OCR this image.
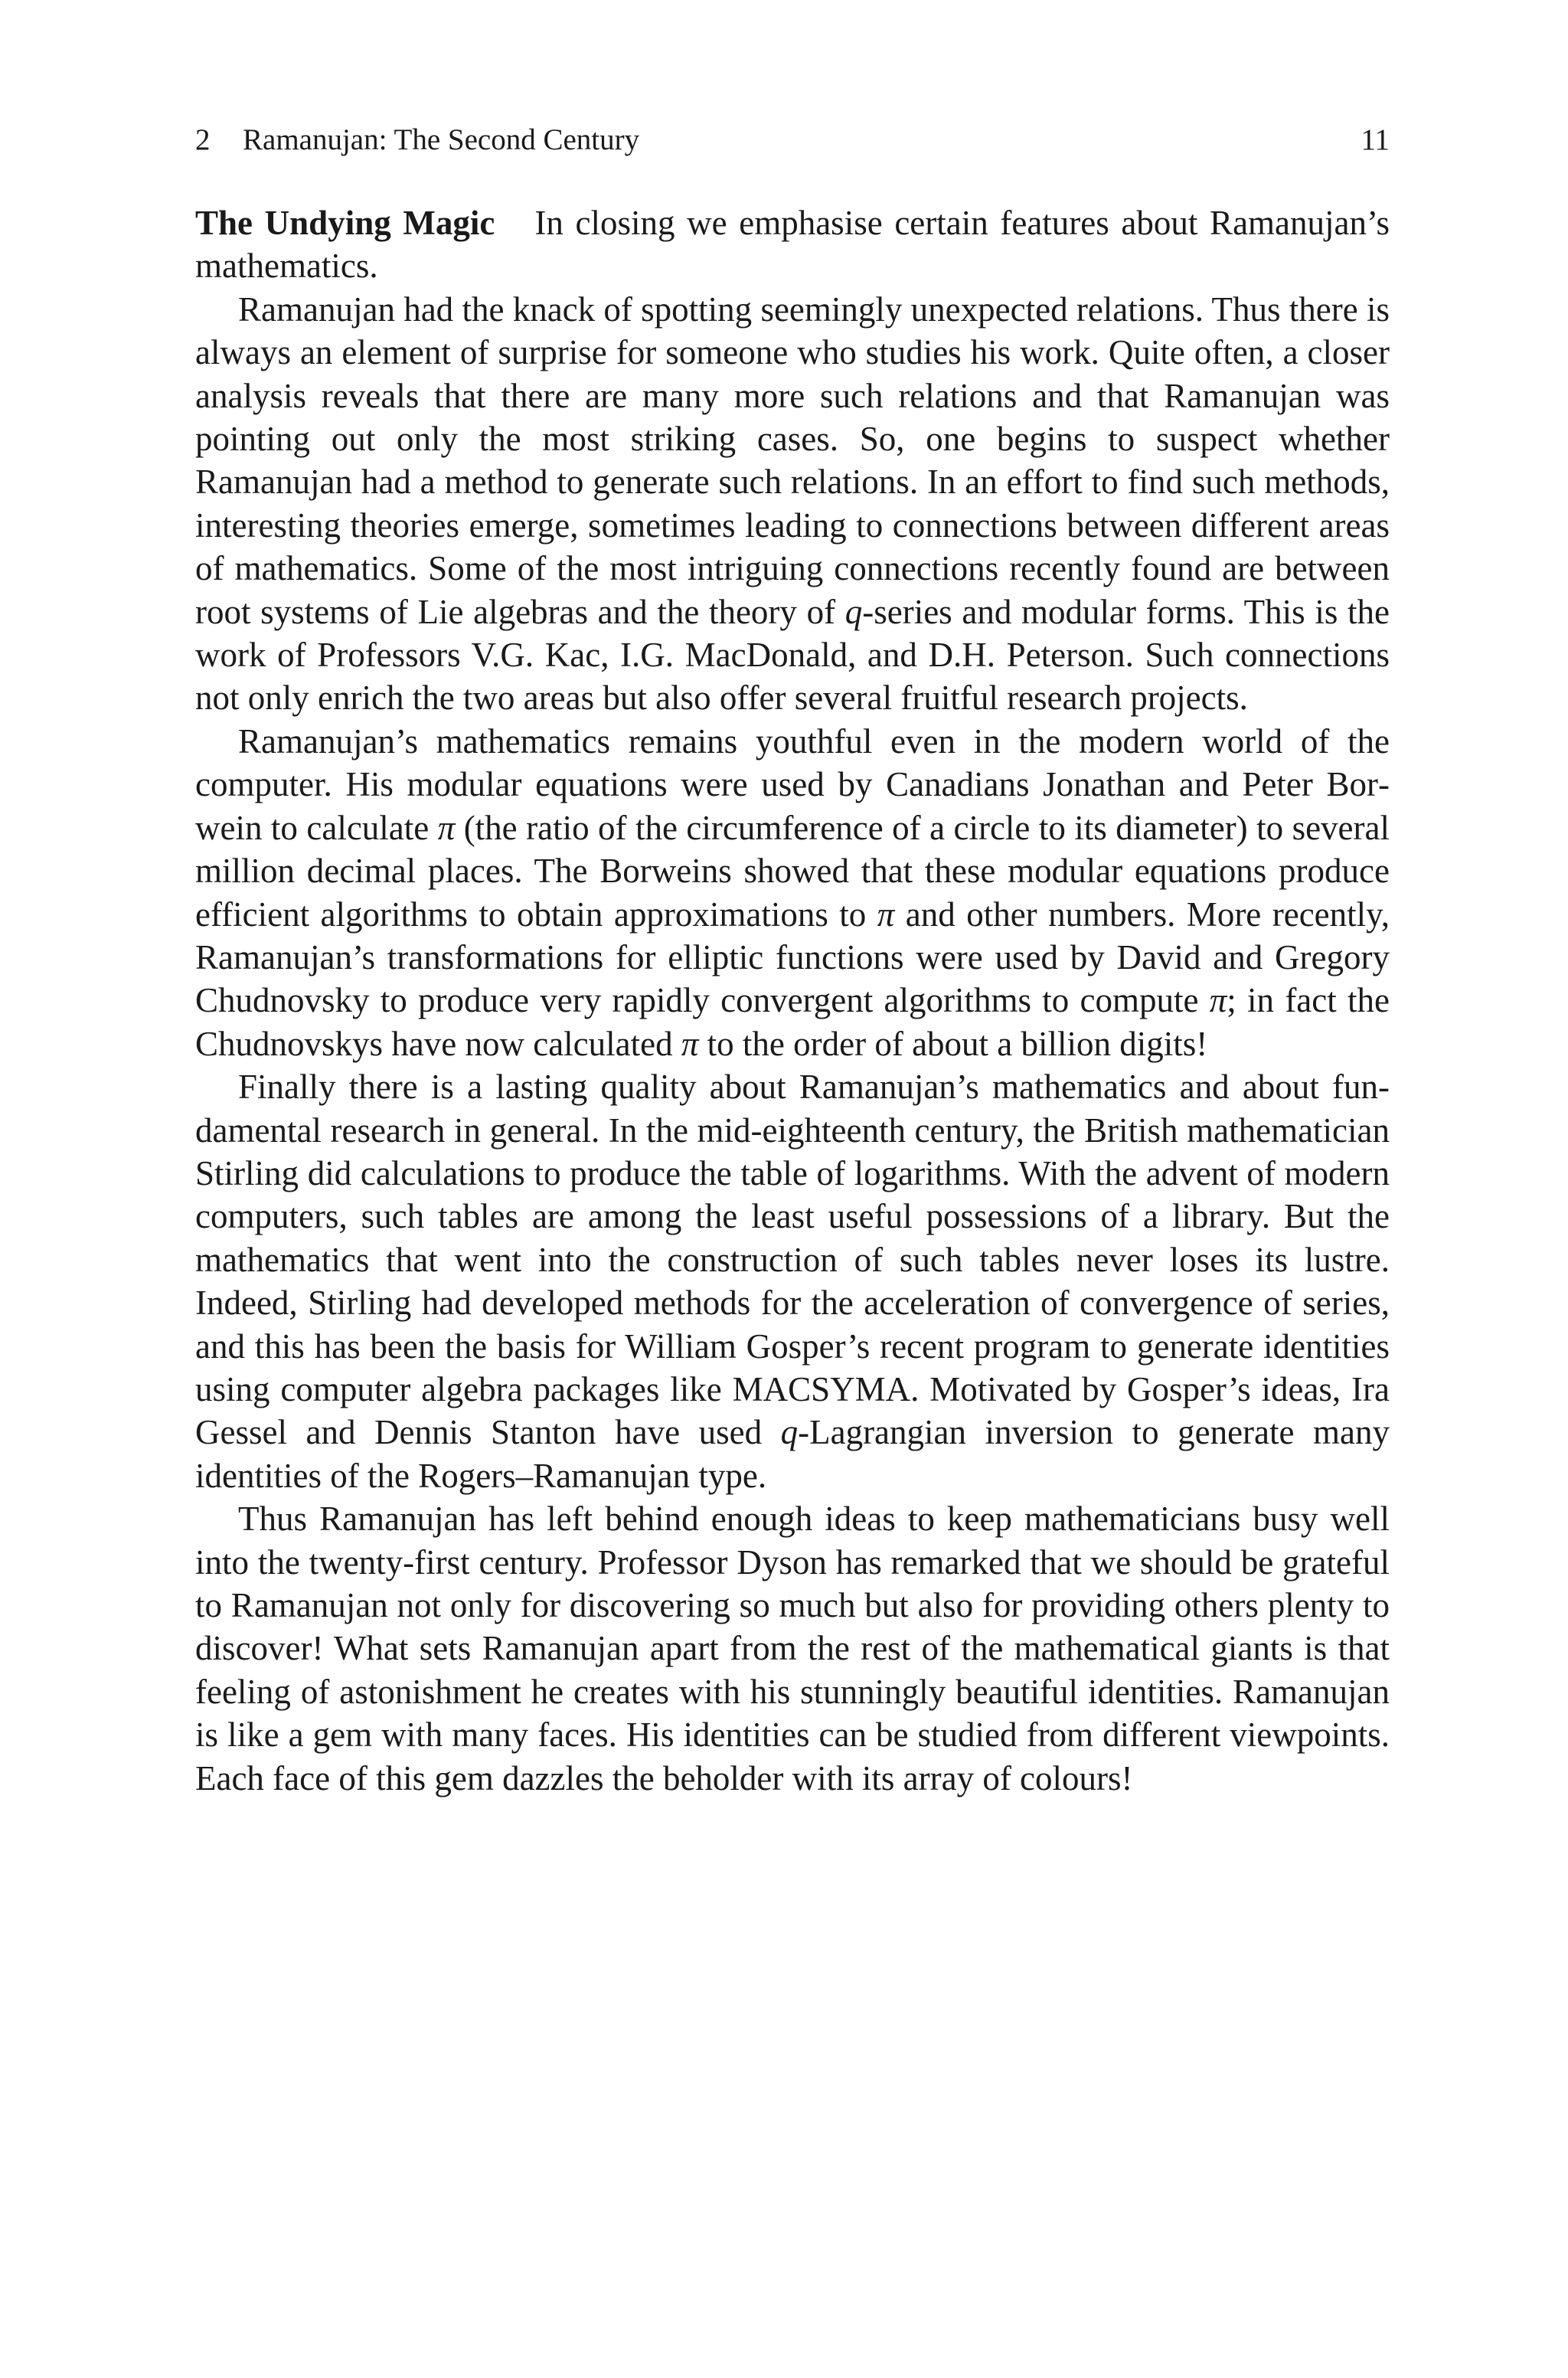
2 Ramanujan: The Second Century	11

The Undying Magic In closing we emphasise certain features about Ramanujan’s mathematics.

Ramanujan had the knack of spotting seemingly unexpected relations. Thus there is always an element of surprise for someone who studies his work. Quite often, a closer analysis reveals that there are many more such relations and that Ramanujan was pointing out only the most striking cases. So, one begins to suspect whether Ramanujan had a method to generate such relations. In an effort to find such methods, interesting theories emerge, sometimes leading to connections between different areas of mathematics. Some of the most intriguing connections recently found are between root systems of Lie algebras and the theory of q-series and modular forms. This is the work of Professors V.G. Kac, I.G. MacDonald, and D.H. Peterson. Such connections not only enrich the two areas but also offer several fruitful research projects.

Ramanujan’s mathematics remains youthful even in the modern world of the computer. His modular equations were used by Canadians Jonathan and Peter Borwein to calculate π (the ratio of the circumference of a circle to its diameter) to several million decimal places. The Borweins showed that these modular equations produce efficient algorithms to obtain approximations to π and other numbers. More recently, Ramanujan’s transformations for elliptic functions were used by David and Gregory Chudnovsky to produce very rapidly convergent algorithms to compute π; in fact the Chudnovskys have now calculated π to the order of about a billion digits!

Finally there is a lasting quality about Ramanujan’s mathematics and about fundamental research in general. In the mid-eighteenth century, the British mathematician Stirling did calculations to produce the table of logarithms. With the advent of modern computers, such tables are among the least useful possessions of a library. But the mathematics that went into the construction of such tables never loses its lustre. Indeed, Stirling had developed methods for the acceleration of convergence of series, and this has been the basis for William Gosper’s recent program to generate identities using computer algebra packages like MACSYMA. Motivated by Gosper’s ideas, Ira Gessel and Dennis Stanton have used q-Lagrangian inversion to generate many identities of the Rogers–Ramanujan type.

Thus Ramanujan has left behind enough ideas to keep mathematicians busy well into the twenty-first century. Professor Dyson has remarked that we should be grateful to Ramanujan not only for discovering so much but also for providing others plenty to discover! What sets Ramanujan apart from the rest of the mathematical giants is that feeling of astonishment he creates with his stunningly beautiful identities. Ramanujan is like a gem with many faces. His identities can be studied from different viewpoints. Each face of this gem dazzles the beholder with its array of colours!
